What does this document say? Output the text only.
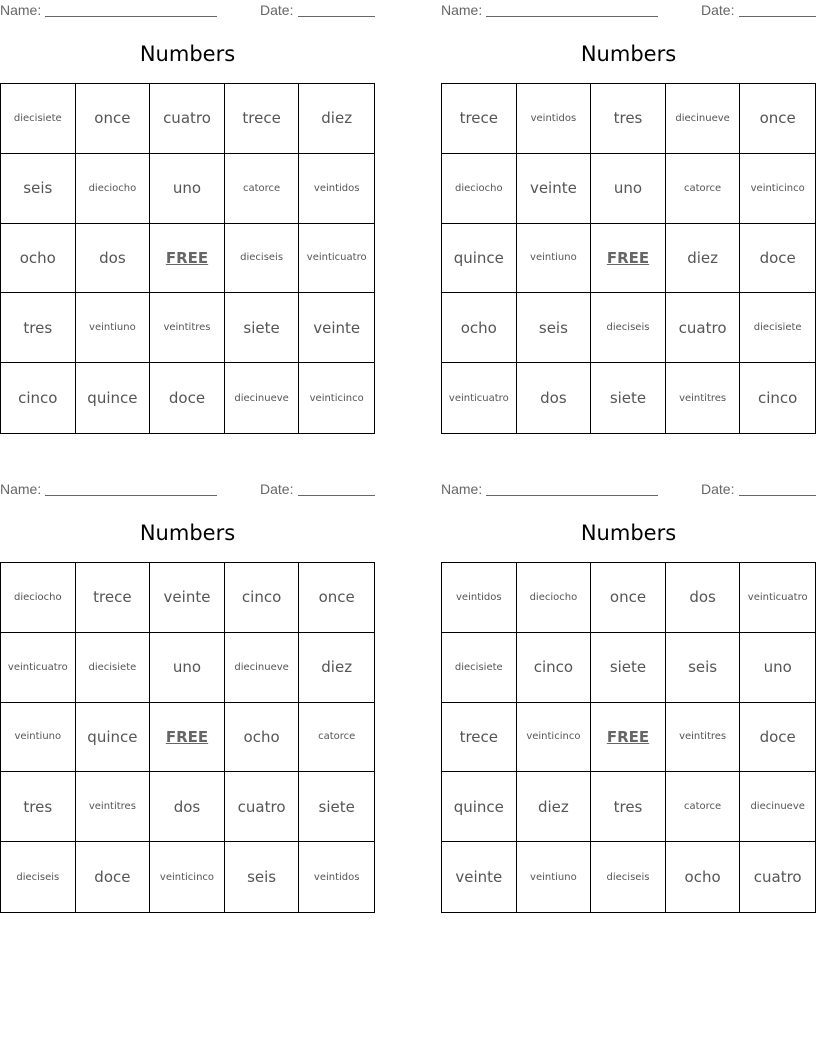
Name:	Date:
Numbers
diecisiete	once	cuatro	trece	diez
seis	dieciocho	uno	catorce	veintidos
ocho	dos	FREE	dieciseis	veinticuatro
tres	veintiuno	veintitres	siete	veinte
cinco	quince	doce	diecinueve	veinticinco
Name:	Date:
Numbers
trece	veintidos	tres	diecinueve	once
dieciocho	veinte	uno	catorce	veinticinco
quince	veintiuno	FREE	diez	doce
ocho	seis	dieciseis	cuatro	diecisiete
veinticuatro	dos	siete	veintitres	cinco
Name:	Date:
Numbers
dieciocho	trece	veinte	cinco	once
veinticuatro	diecisiete	uno	diecinueve	diez
veintiuno	quince	FREE	ocho	catorce
tres	veintitres	dos	cuatro	siete
dieciseis	doce	veinticinco	seis	veintidos
Name:	Date:
Numbers
veintidos	dieciocho	once	dos	veinticuatro
diecisiete	cinco	siete	seis	uno
trece	veinticinco	FREE	veintitres	doce
quince	diez	tres	catorce	diecinueve
veinte	veintiuno	dieciseis	ocho	cuatro
